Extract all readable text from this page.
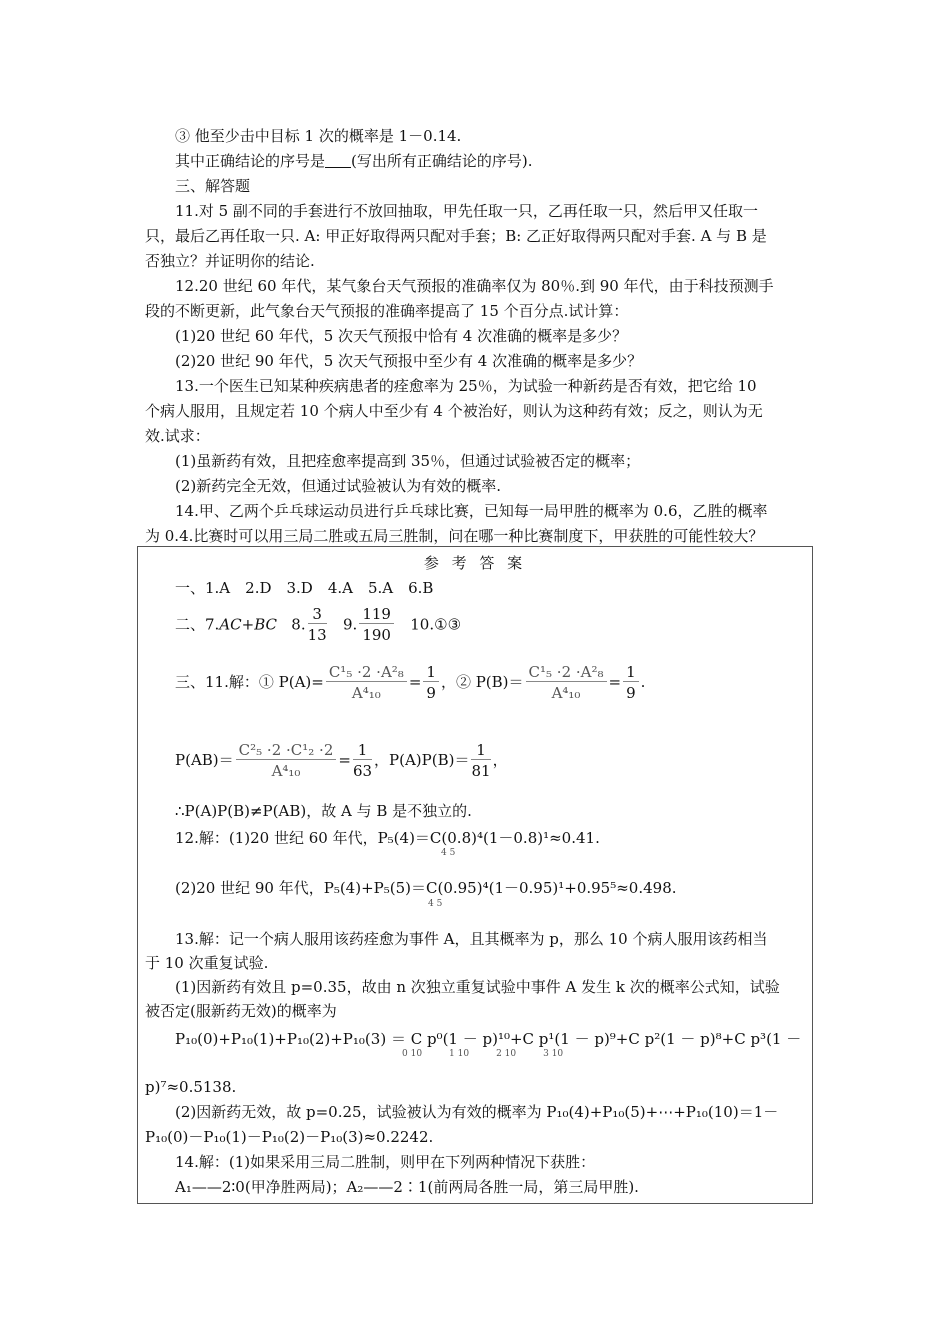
③ 他至少击中目标 1 次的概率是 1－0.14.
其中正确结论的序号是 (写出所有正确结论的序号).
三、解答题
11.对 5 副不同的手套进行不放回抽取，甲先任取一只，乙再任取一只，然后甲又任取一
只，最后乙再任取一只. A: 甲正好取得两只配对手套；B: 乙正好取得两只配对手套. A 与 B 是
否独立？并证明你的结论.
12.20 世纪 60 年代，某气象台天气预报的准确率仅为 80％.到 90 年代，由于科技预测手
段的不断更新，此气象台天气预报的准确率提高了 15 个百分点.试计算：
(1)20 世纪 60 年代，5 次天气预报中恰有 4 次准确的概率是多少？
(2)20 世纪 90 年代，5 次天气预报中至少有 4 次准确的概率是多少？
13.一个医生已知某种疾病患者的痊愈率为 25％，为试验一种新药是否有效，把它给 10
个病人服用，且规定若 10 个病人中至少有 4 个被治好，则认为这种药有效；反之，则认为无
效.试求：
(1)虽新药有效，且把痊愈率提高到 35％，但通过试验被否定的概率；
(2)新药完全无效，但通过试验被认为有效的概率.
14.甲、乙两个乒乓球运动员进行乒乓球比赛，已知每一局甲胜的概率为 0.6，乙胜的概率
为 0.4.比赛时可以用三局二胜或五局三胜制，问在哪一种比赛制度下，甲获胜的可能性较大？
参 考 答 案
一、1.A　2.D　3.D　4.A　5.A　6.B
二、7.AC+BC 8. $\frac{3}{13} 9$. $\frac{119}{190}$ 10.①③
三、11.解：① $P(A)= \frac{\text{C¹₅ ·2 ·A²₈}}{\text{A⁴₁₀}} = \frac{1}{9}$ ，② $P(B)= \frac{\text{C¹₅ ·2 ·A²₈}}{\text{A⁴₁₀}} = \frac{1}{9}$ .
$P(AB)= \frac{\text{C²₅ ·2 ·C¹₂ ·2}}{\text{A⁴₁₀}} = \frac{1}{63}$ ，$P(A)P(B)= \frac{1}{81}$ ，
∴P(A)P(B)≠P(AB)，故 A 与 B 是不独立的.
12.解：(1)20 世纪 60 年代，P₅(4)＝C(0.8)⁴(1－0.8)¹≈0.41.
4 5
(2)20 世纪 90 年代，P₅(4)+P₅(5)＝C(0.95)⁴(1－0.95)¹+0.95⁵≈0.498.
4 5
13.解：记一个病人服用该药痊愈为事件 A，且其概率为 p，那么 10 个病人服用该药相当
于 10 次重复试验.
(1)因新药有效且 p=0.35，故由 n 次独立重复试验中事件 A 发生 k 次的概率公式知，试验
被否定(服新药无效)的概率为
P₁₀(0)+P₁₀(1)+P₁₀(2)+P₁₀(3) ＝ C p⁰(1 － p)¹⁰+C p¹(1 － p)⁹+C p²(1 － p)⁸+C p³(1 －
0 10　　　1 10　　　2 10　　　3 10
p)⁷≈0.5138.
(2)因新药无效，故 p=0.25，试验被认为有效的概率为 P₁₀(4)+P₁₀(5)+⋯+P₁₀(10)＝1－
P₁₀(0)－P₁₀(1)－P₁₀(2)－P₁₀(3)≈0.2242.
14.解：(1)如果采用三局二胜制，则甲在下列两种情况下获胜：
A₁——2∶0(甲净胜两局)；A₂——2∶1(前两局各胜一局，第三局甲胜).
